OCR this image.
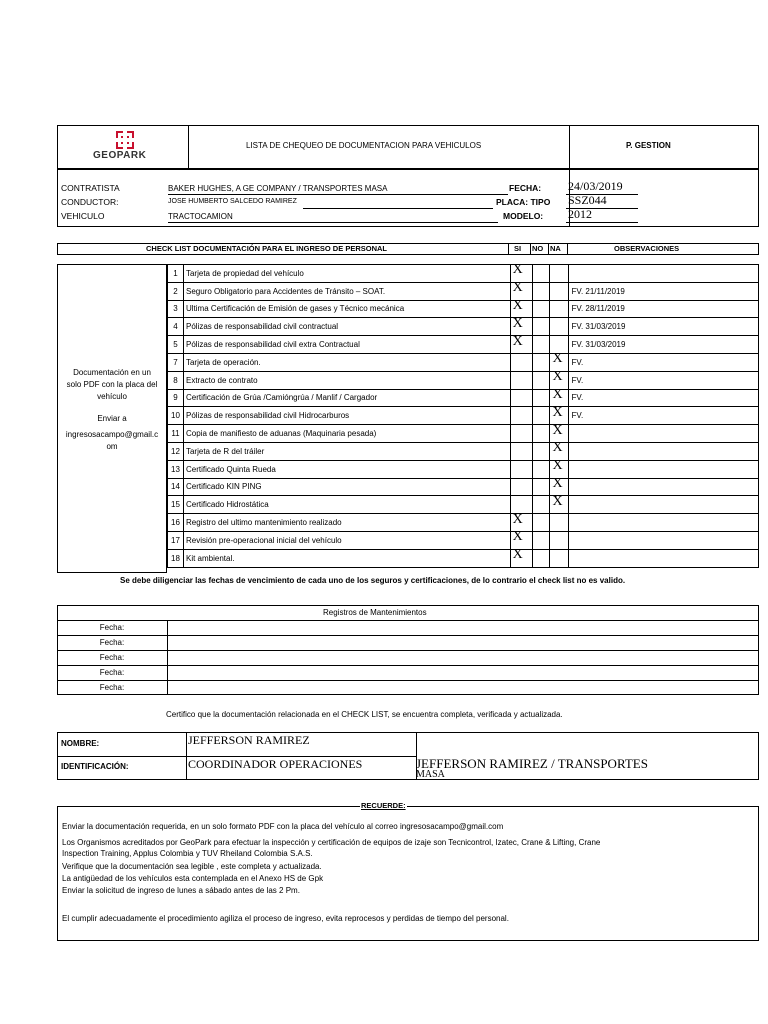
GEOPARK
LISTA DE CHEQUEO DE DOCUMENTACION PARA VEHICULOS	P. GESTION
CONTRATISTA	BAKER HUGHES, A GE COMPANY / TRANSPORTES MASA
CONDUCTOR:	JOSE HUMBERTO SALCEDO RAMIREZ
VEHICULO	TRACTOCAMION
FECHA: 24/03/2019
PLACA: TIPO SSZ044
MODELO: 2012
CHECK LIST DOCUMENTACIÓN PARA EL INGRESO DE PERSONAL	SI NO NA	OBSERVACIONES
Documentación en un
solo PDF con la placa del
vehículo
Enviar a
ingresosacampo@gmail.c
om
1	Tarjeta de propiedad del vehículo	X			
2	Seguro Obligatorio para Accidentes de Tránsito – SOAT.	X			FV. 21/11/2019
3	Ultima Certificación de Emisión de gases y Técnico mecánica	X			FV. 28/11/2019
4	Pólizas de responsabilidad civil contractual	X			FV. 31/03/2019
5	Pólizas de responsabilidad civil extra Contractual	X			FV. 31/03/2019
7	Tarjeta de operación.			X	FV.
8	Extracto de contrato			X	FV.
9	Certificación de Grúa /Camióngrúa / Manlif / Cargador			X	FV.
10	Pólizas de responsabilidad civil Hidrocarburos			X	FV.
11	Copia de manifiesto de aduanas (Maquinaria pesada)			X	
12	Tarjeta de R del tráiler			X	
13	Certificado Quinta Rueda			X	
14	Certificado KIN PING			X	
15	Certificado Hidrostática			X	
16	Registro del ultimo mantenimiento realizado	X			
17	Revisión pre-operacional inicial del vehículo	X			
18	Kit ambiental.	X			
Se debe diligenciar las fechas de vencimiento de cada uno de los seguros y certificaciones, de lo contrario el check list no es valido.
Registros de Mantenimientos
Fecha:
Fecha:
Fecha:
Fecha:
Fecha:
Certifico que la documentación relacionada en el CHECK LIST, se encuentra completa, verificada y actualizada.
NOMBRE:	JEFFERSON RAMIREZ
IDENTIFICACIÓN:	COORDINADOR OPERACIONES	JEFFERSON RAMIREZ / TRANSPORTES
MASA
RECUERDE:
Enviar la documentación requerida, en un solo formato PDF con la placa del vehículo al correo ingresosacampo@gmail.com
Los Organismos acreditados por GeoPark para efectuar la inspección y certificación de equipos de izaje son Tecnicontrol, Izatec, Crane & Lifting, Crane
Inspection Training, Applus Colombia y TUV Rheiland Colombia S.A.S.
Verifique que la documentación sea legible , este completa y actualizada.
La antigüedad de los vehículos esta contemplada en el Anexo HS de Gpk
Enviar la solicitud de ingreso de lunes a sábado antes de las 2 Pm.
El cumplir adecuadamente el procedimiento agiliza el proceso de ingreso, evita reprocesos y perdidas de tiempo del personal.
